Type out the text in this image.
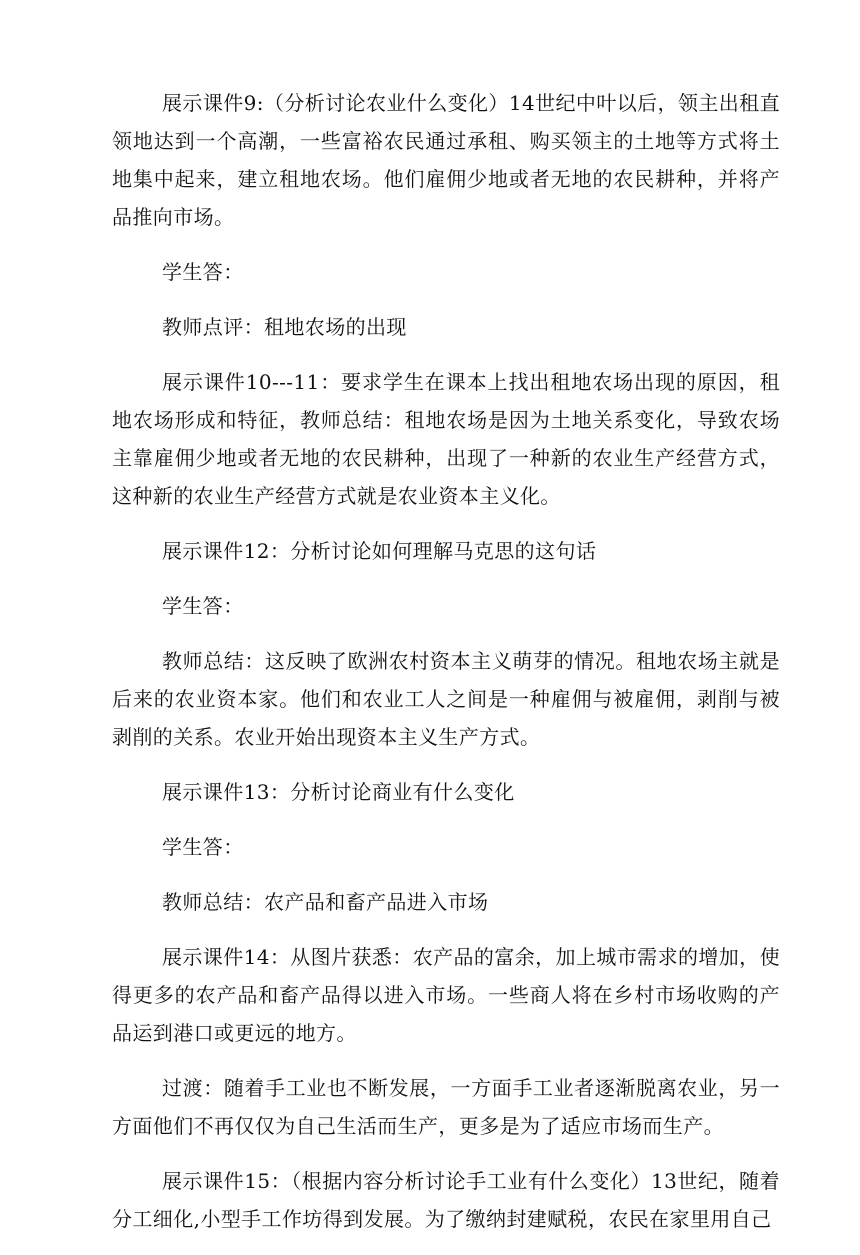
展示课件9:（分析讨论农业什么变化）14世纪中叶以后，领主出租直领地达到一个高潮，一些富裕农民通过承租、购买领主的土地等方式将土地集中起来，建立租地农场。他们雇佣少地或者无地的农民耕种，并将产品推向市场。

学生答：

教师点评：租地农场的出现

展示课件10---11：要求学生在课本上找出租地农场出现的原因，租地农场形成和特征，教师总结：租地农场是因为土地关系变化，导致农场主靠雇佣少地或者无地的农民耕种，出现了一种新的农业生产经营方式，这种新的农业生产经营方式就是农业资本主义化。

展示课件12：分析讨论如何理解马克思的这句话

学生答：

教师总结：这反映了欧洲农村资本主义萌芽的情况。租地农场主就是后来的农业资本家。他们和农业工人之间是一种雇佣与被雇佣，剥削与被剥削的关系。农业开始出现资本主义生产方式。

展示课件13：分析讨论商业有什么变化

学生答：

教师总结：农产品和畜产品进入市场

展示课件14：从图片获悉：农产品的富余，加上城市需求的增加，使得更多的农产品和畜产品得以进入市场。一些商人将在乡村市场收购的产品运到港口或更远的地方。

过渡：随着手工业也不断发展，一方面手工业者逐渐脱离农业，另一方面他们不再仅仅为自己生活而生产，更多是为了适应市场而生产。

展示课件15：（根据内容分析讨论手工业有什么变化）13世纪，随着分工细化,小型手工作坊得到发展。为了缴纳封建赋税，农民在家里用自己
